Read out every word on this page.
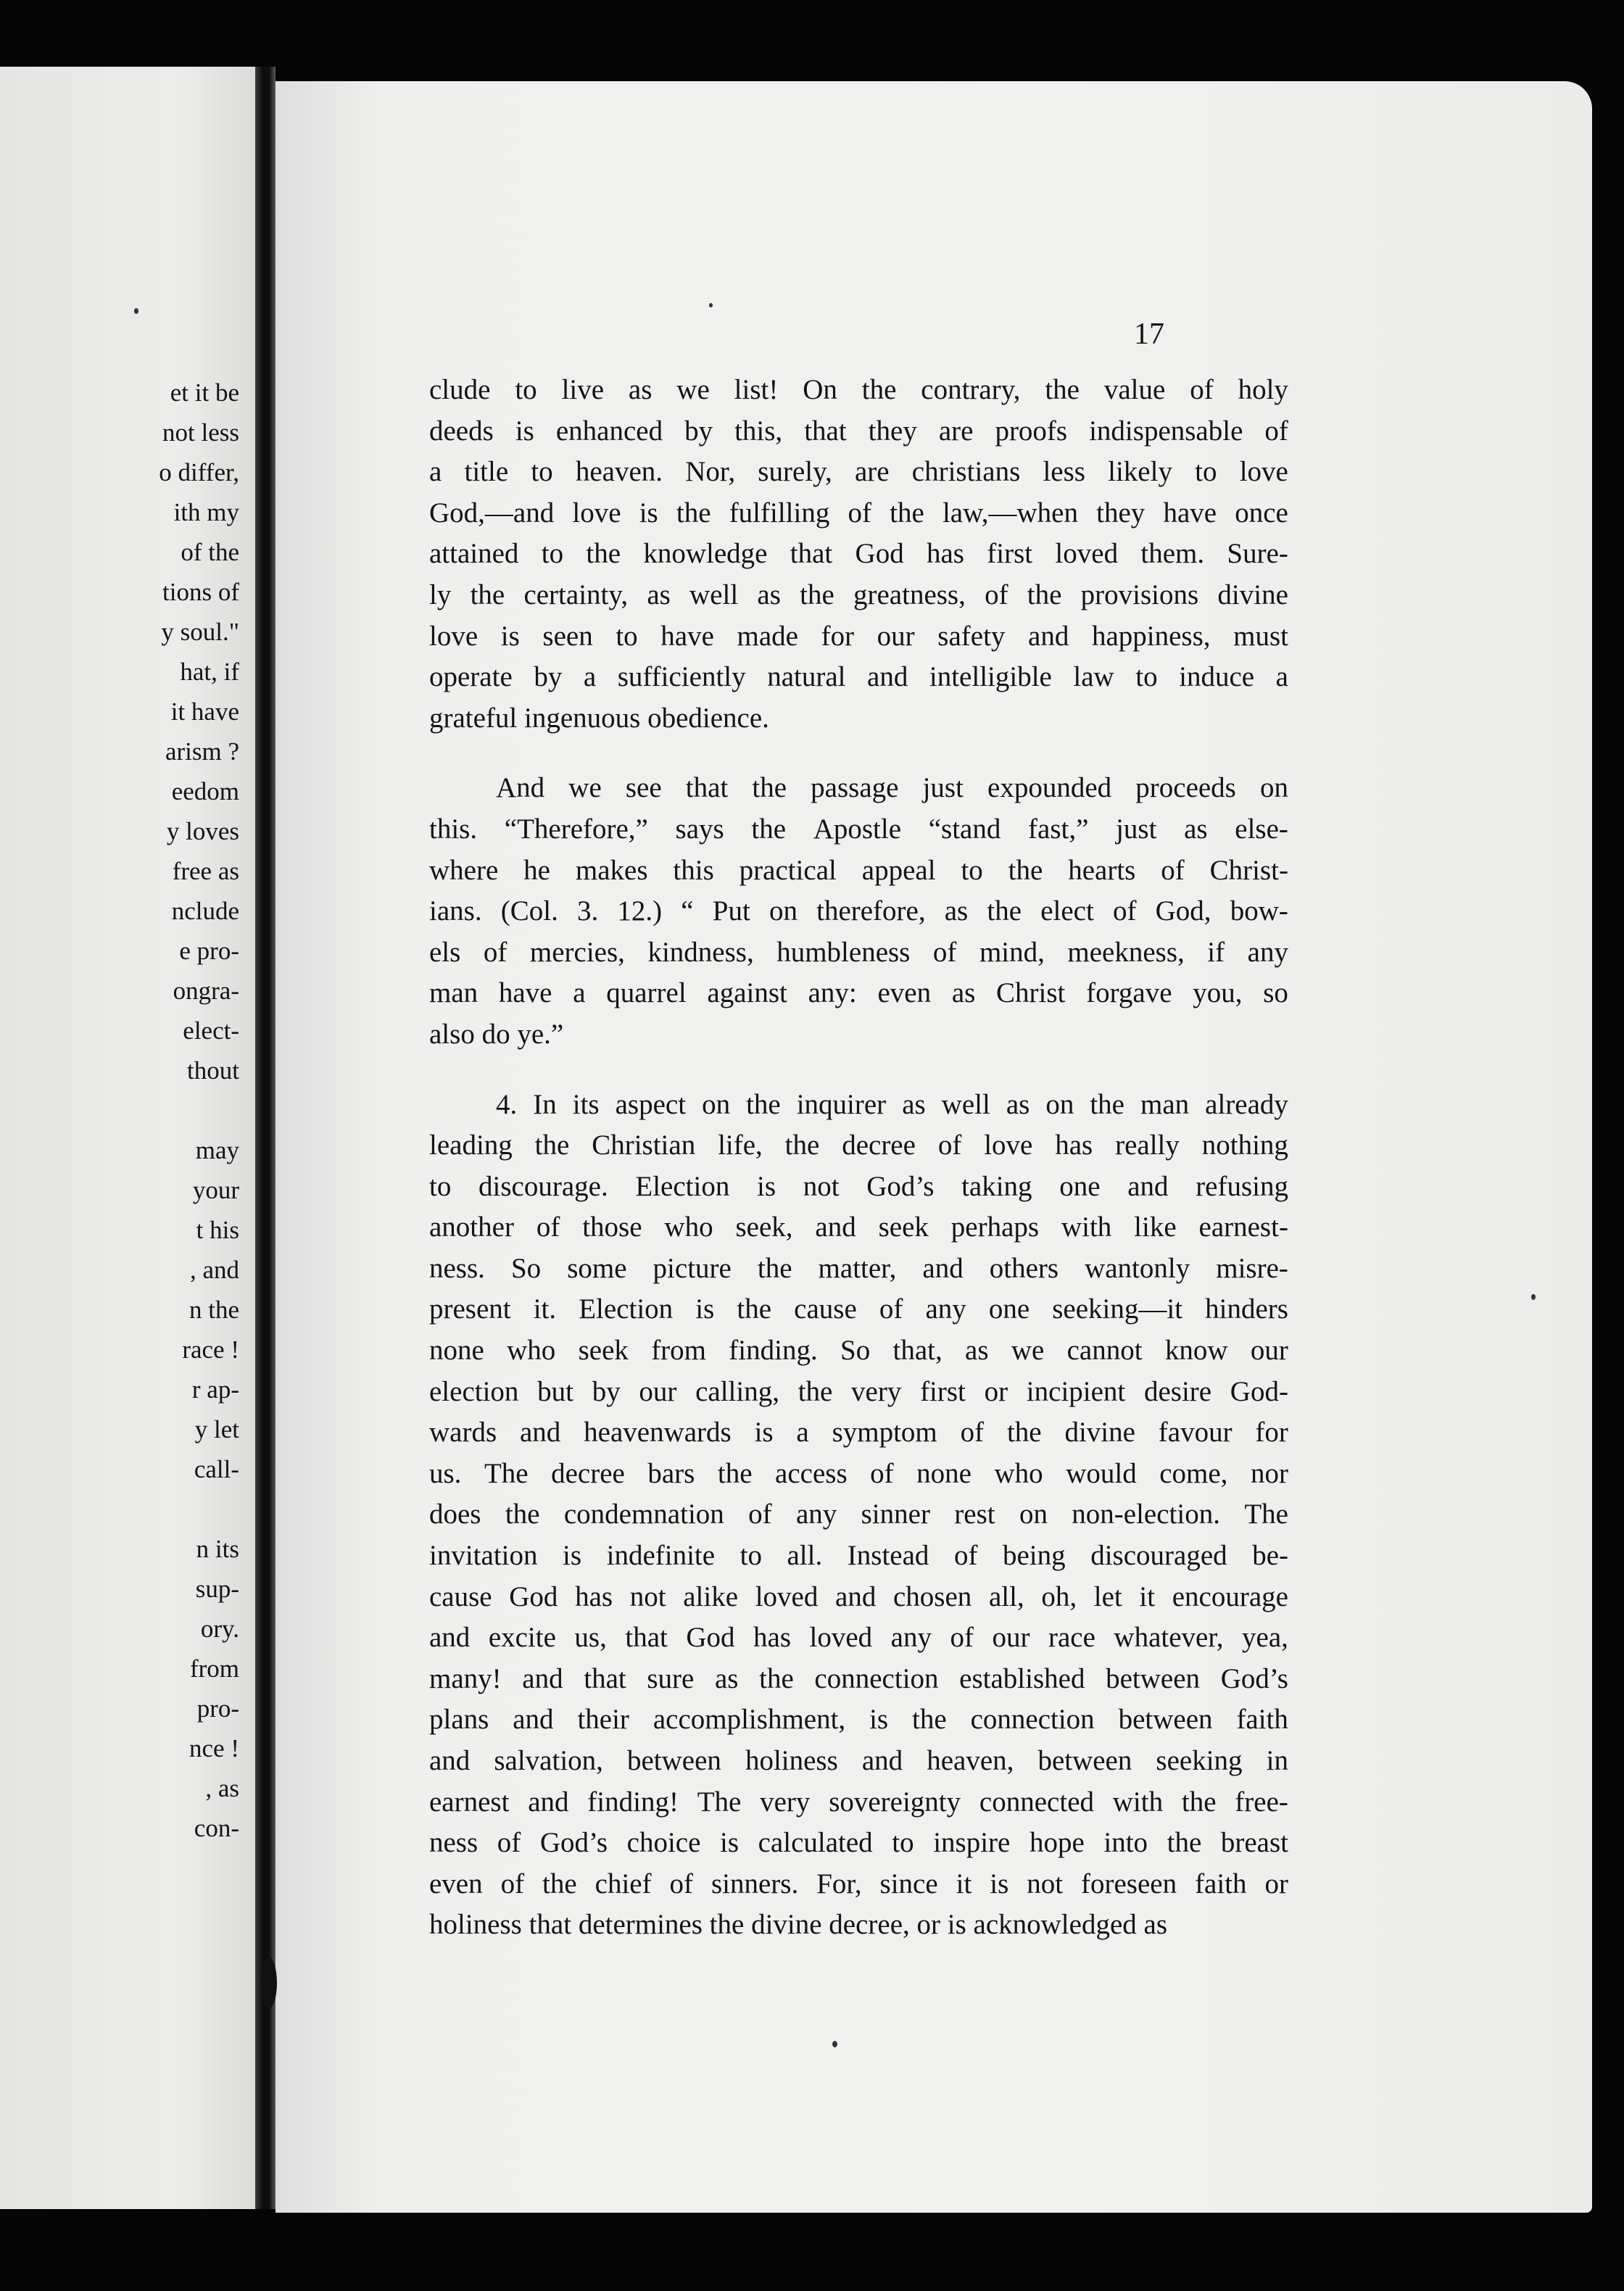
et it be
not less
o differ,
ith my
of the
tions of
y soul."
hat, if
it have
arism ?
eedom
y loves
free as
nclude
e pro-
ongra-
elect-
thout
may
your
t his
, and
n the
race !
r ap-
y let
call-
n its
sup-
ory.
from
pro-
nce !
, as
con-
17
clude to live as we list! On the contrary, the value of holy
deeds is enhanced by this, that they are proofs indispensable of
a title to heaven. Nor, surely, are christians less likely to love
God,—and love is the fulfilling of the law,—when they have once
attained to the knowledge that God has first loved them. Sure-
ly the certainty, as well as the greatness, of the provisions divine
love is seen to have made for our safety and happiness, must
operate by a sufficiently natural and intelligible law to induce a
grateful ingenuous obedience.
And we see that the passage just expounded proceeds on
this. “Therefore,” says the Apostle “stand fast,” just as else-
where he makes this practical appeal to the hearts of Christ-
ians. (Col. 3. 12.) “ Put on therefore, as the elect of God, bow-
els of mercies, kindness, humbleness of mind, meekness, if any
man have a quarrel against any: even as Christ forgave you, so
also do ye.”
4. In its aspect on the inquirer as well as on the man already
leading the Christian life, the decree of love has really nothing
to discourage. Election is not God’s taking one and refusing
another of those who seek, and seek perhaps with like earnest-
ness. So some picture the matter, and others wantonly misre-
present it. Election is the cause of any one seeking—it hinders
none who seek from finding. So that, as we cannot know our
election but by our calling, the very first or incipient desire God-
wards and heavenwards is a symptom of the divine favour for
us. The decree bars the access of none who would come, nor
does the condemnation of any sinner rest on non-election. The
invitation is indefinite to all. Instead of being discouraged be-
cause God has not alike loved and chosen all, oh, let it encourage
and excite us, that God has loved any of our race whatever, yea,
many! and that sure as the connection established between God’s
plans and their accomplishment, is the connection between faith
and salvation, between holiness and heaven, between seeking in
earnest and finding! The very sovereignty connected with the free-
ness of God’s choice is calculated to inspire hope into the breast
even of the chief of sinners. For, since it is not foreseen faith or
holiness that determines the divine decree, or is acknowledged as
